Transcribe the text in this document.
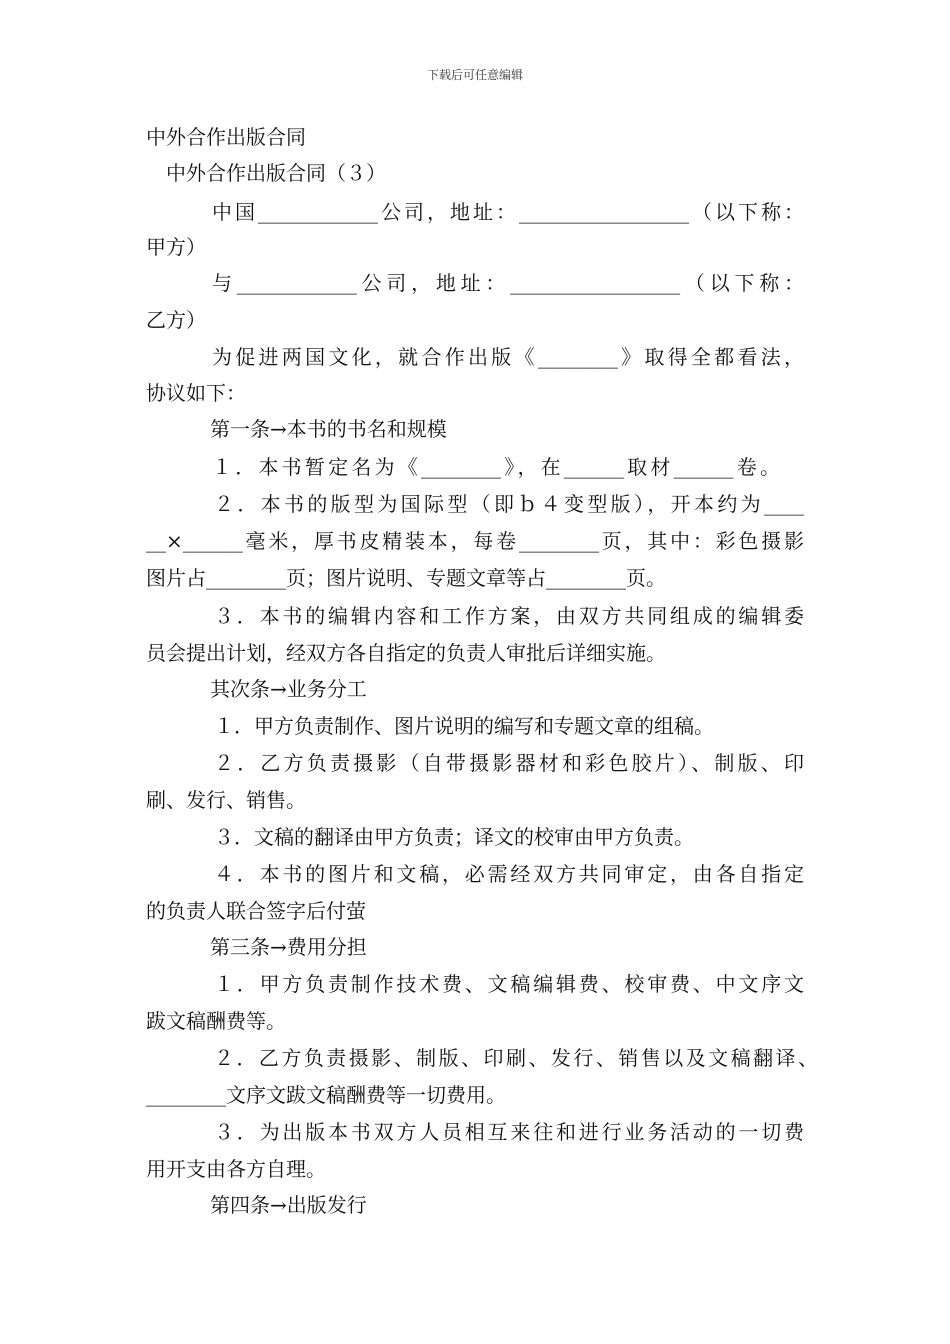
下载后可任意编辑
中外合作出版合同
中外合作出版合同（３）
中国____________公司，地址：_________________（以下称：
甲方）
与____________公司，地址：_________________（以下称：
乙方）
为促进两国文化，就合作出版《________》取得全都看法，
协议如下：
第一条→本书的书名和规模
１．本书暂定名为《________》，在______取材______卷。
２．本书的版型为国际型（即ｂ４变型版），开本约为____
__×______毫米，厚书皮精装本，每卷________页，其中：彩色摄影
图片占________页；图片说明、专题文章等占________页。
３．本书的编辑内容和工作方案，由双方共同组成的编辑委
员会提出计划，经双方各自指定的负责人审批后详细实施。
其次条→业务分工
１．甲方负责制作、图片说明的编写和专题文章的组稿。
２．乙方负责摄影（自带摄影器材和彩色胶片）、制版、印
刷、发行、销售。
３．文稿的翻译由甲方负责；译文的校审由甲方负责。
４．本书的图片和文稿，必需经双方共同审定，由各自指定
的负责人联合签字后付萤
第三条→费用分担
１．甲方负责制作技术费、文稿编辑费、校审费、中文序文
跋文稿酬费等。
２．乙方负责摄影、制版、印刷、发行、销售以及文稿翻译、
________文序文跋文稿酬费等一切费用。
３．为出版本书双方人员相互来往和进行业务活动的一切费
用开支由各方自理。
第四条→出版发行
